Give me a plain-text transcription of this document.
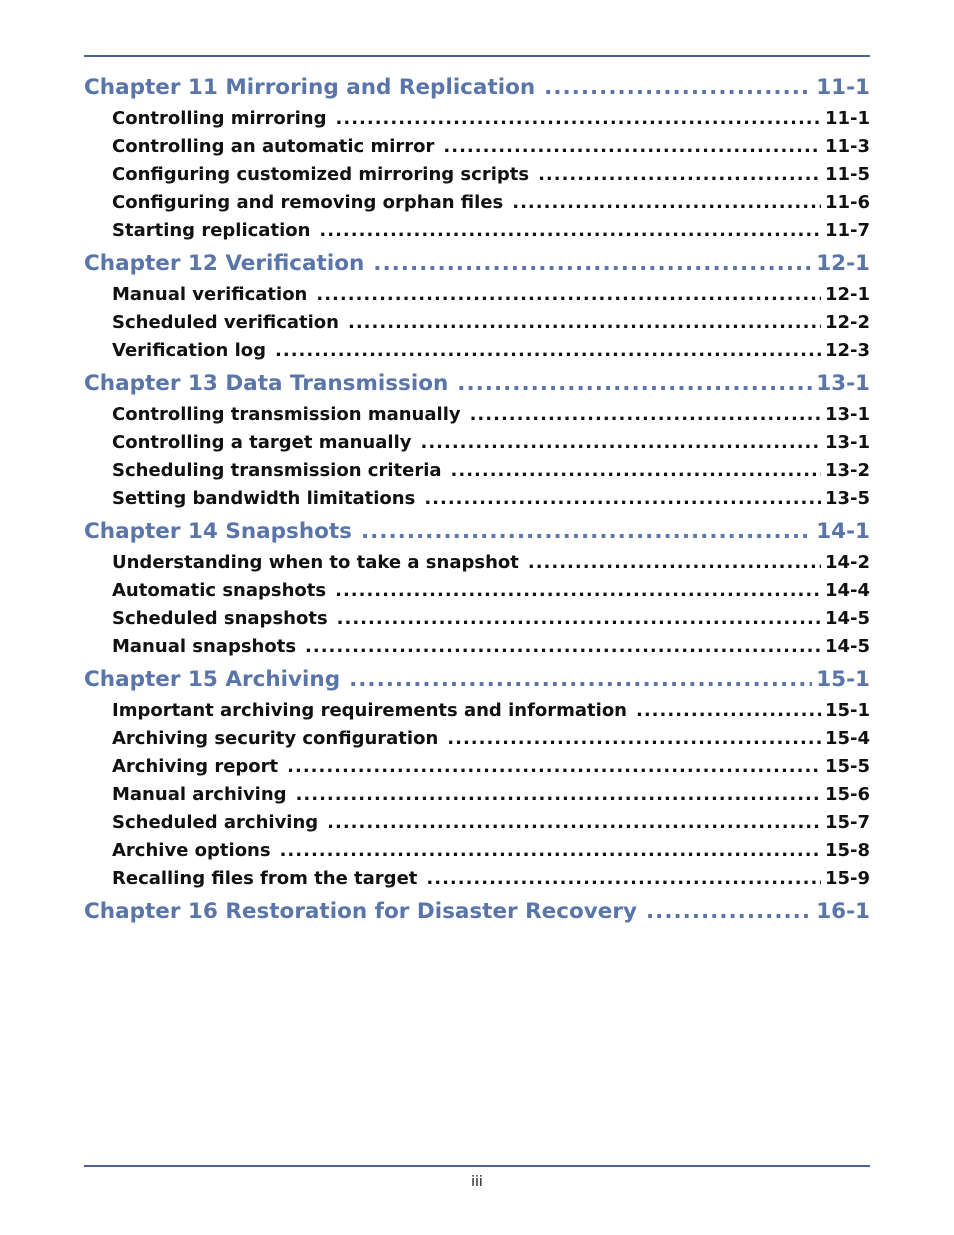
Chapter 11 Mirroring and Replication .....	11-1
Controlling mirroring .....	11-1
Controlling an automatic mirror .....	11-3
Configuring customized mirroring scripts .....	11-5
Configuring and removing orphan files .....	11-6
Starting replication .....	11-7
Chapter 12 Verification .....	12-1
Manual verification .....	12-1
Scheduled verification .....	12-2
Verification log .....	12-3
Chapter 13 Data Transmission .....	13-1
Controlling transmission manually .....	13-1
Controlling a target manually .....	13-1
Scheduling transmission criteria .....	13-2
Setting bandwidth limitations .....	13-5
Chapter 14 Snapshots .....	14-1
Understanding when to take a snapshot .....	14-2
Automatic snapshots .....	14-4
Scheduled snapshots .....	14-5
Manual snapshots .....	14-5
Chapter 15 Archiving .....	15-1
Important archiving requirements and information .....	15-1
Archiving security configuration .....	15-4
Archiving report .....	15-5
Manual archiving .....	15-6
Scheduled archiving .....	15-7
Archive options .....	15-8
Recalling files from the target .....	15-9
Chapter 16 Restoration for Disaster Recovery .....	16-1
iii
